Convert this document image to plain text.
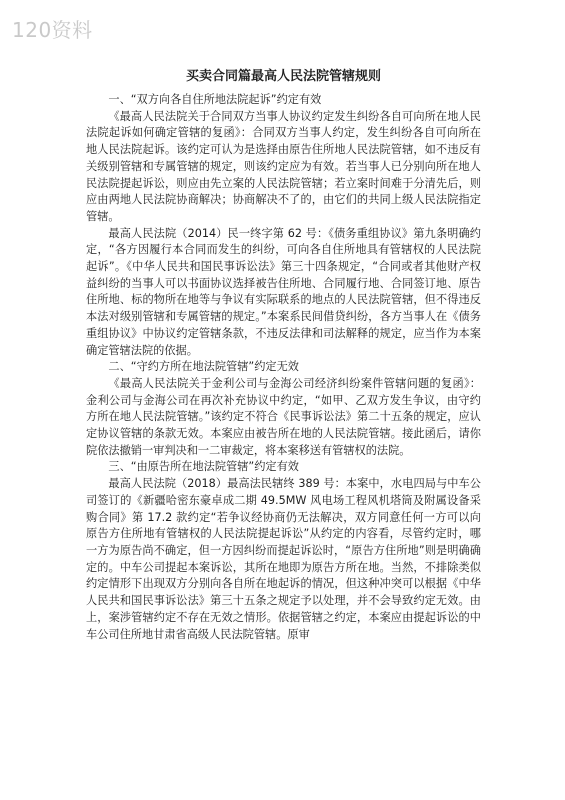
120资料
买卖合同篇最高人民法院管辖规则

一、“双方向各自住所地法院起诉”约定有效

《最高人民法院关于合同双方当事人协议约定发生纠纷各自可向所在地人民法院起诉如何确定管辖的复函》：合同双方当事人约定，发生纠纷各自可向所在地人民法院起诉。该约定可认为是选择由原告住所地人民法院管辖，如不违反有关级别管辖和专属管辖的规定，则该约定应为有效。若当事人已分别向所在地人民法院提起诉讼，则应由先立案的人民法院管辖；若立案时间难于分清先后，则应由两地人民法院协商解决；协商解决不了的，由它们的共同上级人民法院指定管辖。

最高人民法院（2014）民一终字第 62 号：《债务重组协议》第九条明确约定，“各方因履行本合同而发生的纠纷，可向各自住所地具有管辖权的人民法院起诉”。《中华人民共和国民事诉讼法》第三十四条规定，“合同或者其他财产权益纠纷的当事人可以书面协议选择被告住所地、合同履行地、合同签订地、原告住所地、标的物所在地等与争议有实际联系的地点的人民法院管辖，但不得违反本法对级别管辖和专属管辖的规定。”本案系民间借贷纠纷，各方当事人在《债务重组协议》中协议约定管辖条款，不违反法律和司法解释的规定，应当作为本案确定管辖法院的依据。

二、“守约方所在地法院管辖”约定无效

《最高人民法院关于金利公司与金海公司经济纠纷案件管辖问题的复函》：金利公司与金海公司在再次补充协议中约定，“如甲、乙双方发生争议，由守约方所在地人民法院管辖。”该约定不符合《民事诉讼法》第二十五条的规定，应认定协议管辖的条款无效。本案应由被告所在地的人民法院管辖。接此函后，请你院依法撤销一审判决和一二审裁定，将本案移送有管辖权的法院。

三、“由原告所在地法院管辖”约定有效

最高人民法院（2018）最高法民辖终 389 号：本案中，水电四局与中车公司签订的《新疆哈密东豪卓成二期 49.5MW 风电场工程风机塔筒及附属设备采购合同》第 17.2 款约定“若争议经协商仍无法解决，双方同意任何一方可以向原告方住所地有管辖权的人民法院提起诉讼”从约定的内容看，尽管约定时，哪一方为原告尚不确定，但一方因纠纷而提起诉讼时，“原告方住所地”则是明确确定的。中车公司提起本案诉讼，其所在地即为原告方所在地。当然，不排除类似约定情形下出现双方分别向各自所在地起诉的情况，但这种冲突可以根据《中华人民共和国民事诉讼法》第三十五条之规定予以处理，并不会导致约定无效。由上，案涉管辖约定不存在无效之情形。依据管辖之约定，本案应由提起诉讼的中车公司住所地甘肃省高级人民法院管辖。原审
